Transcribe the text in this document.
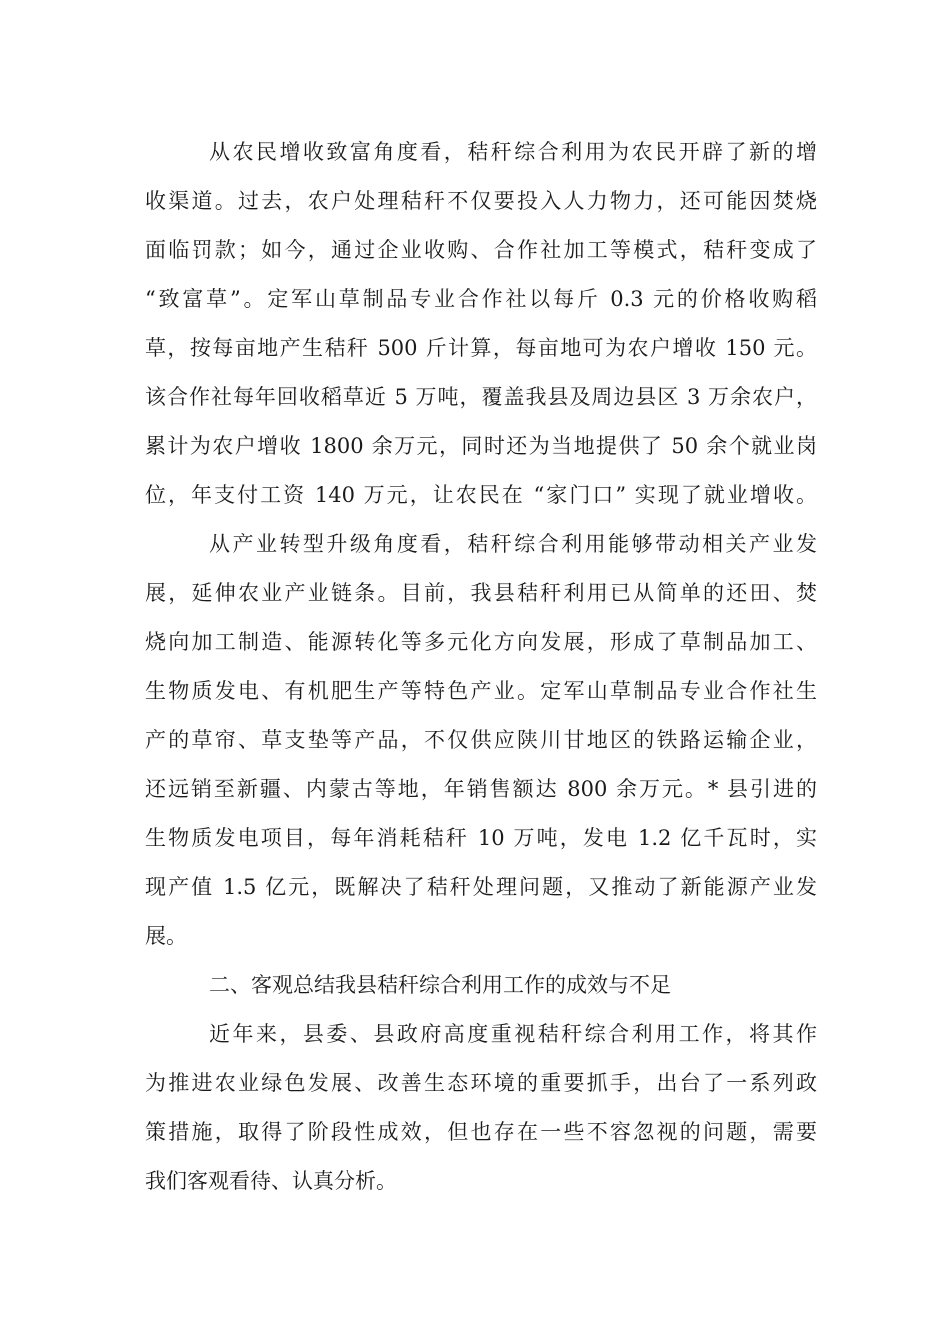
从农民增收致富角度看，秸秆综合利用为农民开辟了新的增
收渠道。过去，农户处理秸秆不仅要投入人力物力，还可能因焚烧
面临罚款；如今，通过企业收购、合作社加工等模式，秸秆变成了
“致富草”。定军山草制品专业合作社以每斤 0.3 元的价格收购稻
草，按每亩地产生秸秆 500 斤计算，每亩地可为农户增收 150 元。
该合作社每年回收稻草近 5 万吨，覆盖我县及周边县区 3 万余农户，
累计为农户增收 1800 余万元，同时还为当地提供了 50 余个就业岗
位，年支付工资 140 万元，让农民在 “家门口” 实现了就业增收。
从产业转型升级角度看，秸秆综合利用能够带动相关产业发
展，延伸农业产业链条。目前，我县秸秆利用已从简单的还田、焚
烧向加工制造、能源转化等多元化方向发展，形成了草制品加工、
生物质发电、有机肥生产等特色产业。定军山草制品专业合作社生
产的草帘、草支垫等产品，不仅供应陕川甘地区的铁路运输企业，
还远销至新疆、内蒙古等地，年销售额达 800 余万元。* 县引进的
生物质发电项目，每年消耗秸秆 10 万吨，发电 1.2 亿千瓦时，实
现产值 1.5 亿元，既解决了秸秆处理问题，又推动了新能源产业发
展。
二、客观总结我县秸秆综合利用工作的成效与不足
近年来，县委、县政府高度重视秸秆综合利用工作，将其作
为推进农业绿色发展、改善生态环境的重要抓手，出台了一系列政
策措施，取得了阶段性成效，但也存在一些不容忽视的问题，需要
我们客观看待、认真分析。
